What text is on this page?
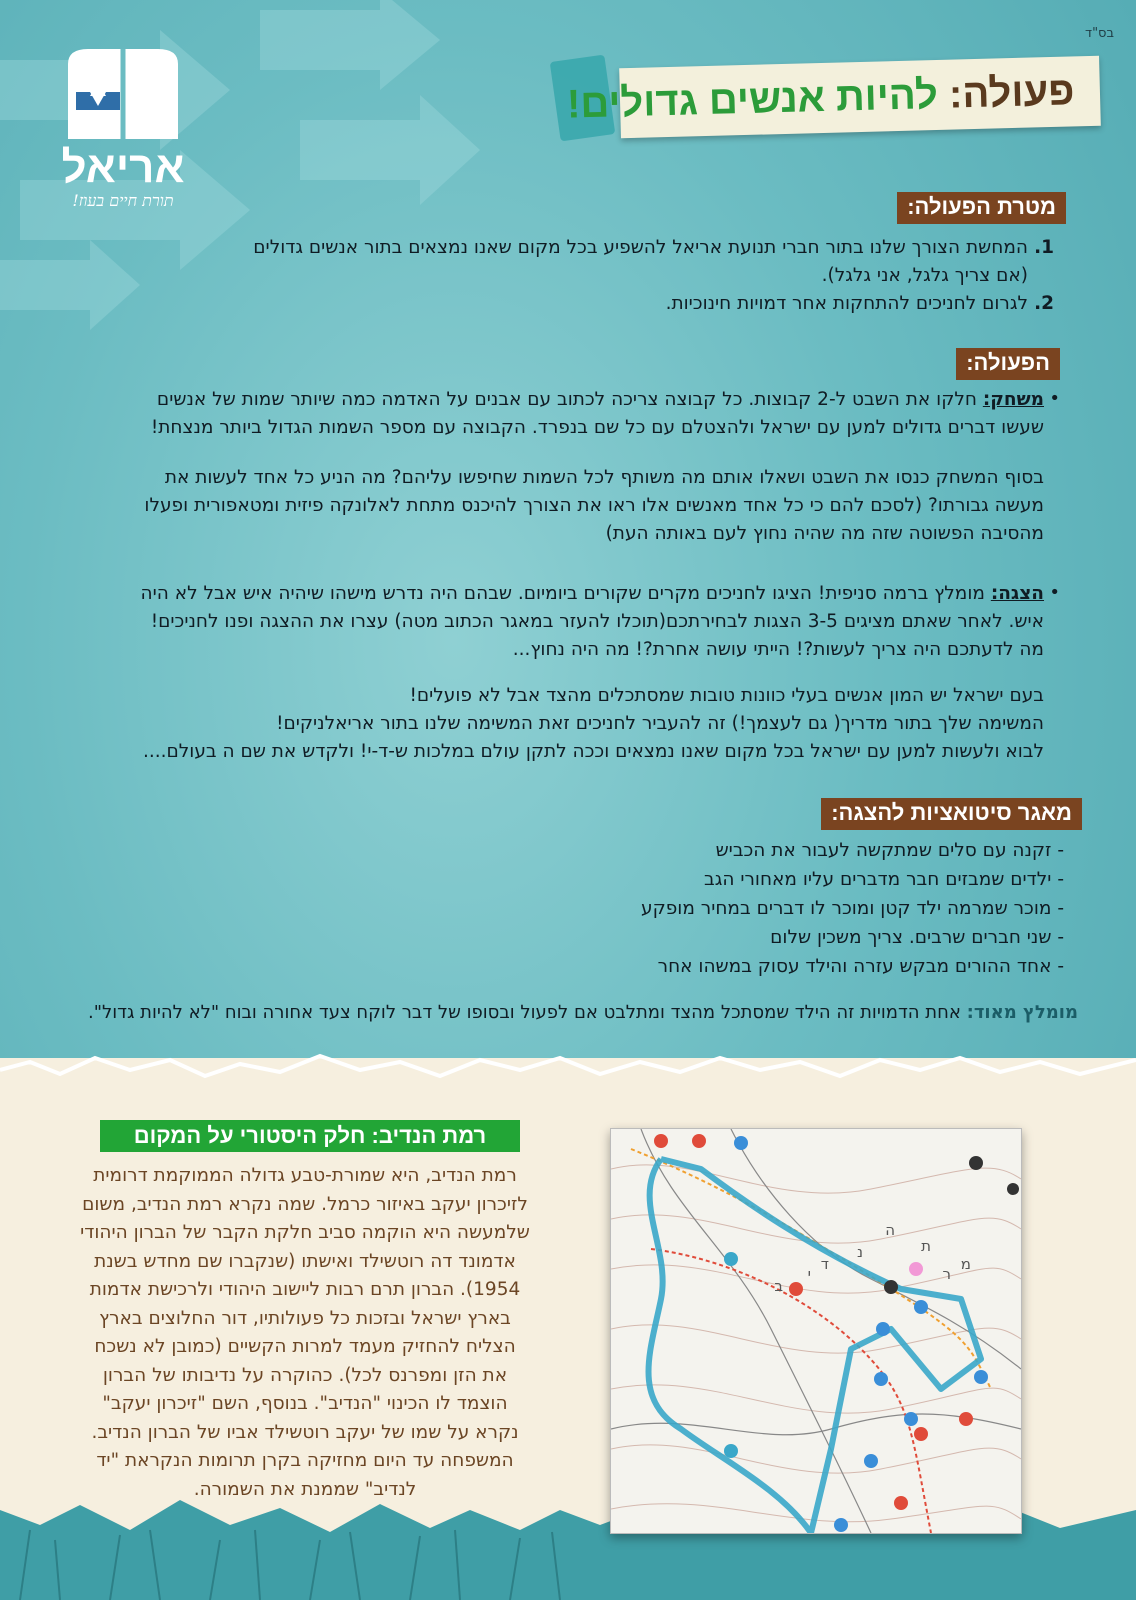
בס"ד
אריאל
תורת חיים בעוז!
פעולה: להיות אנשים גדולים!
מטרת הפעולה:
1.
המחשת הצורך שלנו בתור חברי תנועת אריאל להשפיע בכל מקום שאנו נמצאים בתור אנשים גדולים
(אם צריך גלגל, אני גלגל).
2.
לגרום לחניכים להתחקות אחר דמויות חינוכיות.
הפעולה:
•
משחק: חלקו את השבט ל-2 קבוצות. כל קבוצה צריכה לכתוב עם אבנים על האדמה כמה שיותר שמות של אנשים
שעשו דברים גדולים למען עם ישראל ולהצטלם עם כל שם בנפרד. הקבוצה עם מספר השמות הגדול ביותר מנצחת!
בסוף המשחק כנסו את השבט ושאלו אותם מה משותף לכל השמות שחיפשו עליהם? מה הניע כל אחד לעשות את
מעשה גבורתו? (לסכם להם כי כל אחד מאנשים אלו ראו את הצורך להיכנס מתחת לאלונקה פיזית ומטאפורית ופעלו
מהסיבה הפשוטה שזה מה שהיה נחוץ לעם באותה העת)
•
הצגה: מומלץ ברמה סניפית! הציגו לחניכים מקרים שקורים ביומיום. שבהם היה נדרש מישהו שיהיה איש אבל לא היה
איש. לאחר שאתם מציגים 3-5 הצגות לבחירתכם(תוכלו להעזר במאגר הכתוב מטה) עצרו את ההצגה ופנו לחניכים!
מה לדעתכם היה צריך לעשות?! הייתי עושה אחרת?! מה היה נחוץ...
בעם ישראל יש המון אנשים בעלי כוונות טובות שמסתכלים מהצד אבל לא פועלים!
המשימה שלך בתור מדריך( גם לעצמך!) זה להעביר לחניכים זאת המשימה שלנו בתור אריאלניקים!
לבוא ולעשות למען עם ישראל בכל מקום שאנו נמצאים וככה לתקן עולם במלכות ש-ד-י! ולקדש את שם ה בעולם....
מאגר סיטואציות להצגה:
- זקנה עם סלים שמתקשה לעבור את הכביש
- ילדים שמבזים חבר מדברים עליו מאחורי הגב
- מוכר שמרמה ילד קטן ומוכר לו דברים במחיר מופקע
- שני חברים שרבים. צריך משכין שלום
- אחד ההורים מבקש עזרה והילד עסוק במשהו אחר
מומלץ מאוד: אחת הדמויות זה הילד שמסתכל מהצד ומתלבט אם לפעול ובסופו של דבר לוקח צעד אחורה ובוח "לא להיות גדול".
רמת הנדיב: חלק היסטורי על המקום
רמת הנדיב, היא שמורת-טבע גדולה הממוקמת דרומית
לזיכרון יעקב באיזור כרמל. שמה נקרא רמת הנדיב, משום
שלמעשה היא הוקמה סביב חלקת הקבר של הברון היהודי
אדמונד דה רוטשילד ואישתו (שנקברו שם מחדש בשנת
1954). הברון תרם רבות ליישוב היהודי ולרכישת אדמות
בארץ ישראל ובזכות כל פעולותיו, דור החלוצים בארץ
הצליח להחזיק מעמד למרות הקשיים (כמובן לא נשכח
את הזן ומפרנס לכל). כהוקרה על נדיבותו של הברון
הוצמד לו הכינוי "הנדיב". בנוסף, השם "זיכרון יעקב"
נקרא על שמו של יעקב רוטשילד אביו של הברון הנדיב.
המשפחה עד היום מחזיקה בקרן תרומות הנקראת "יד
לנדיב" שממנת את השמורה.
ר
ת
ה
נ
ד
י
ב
מ
